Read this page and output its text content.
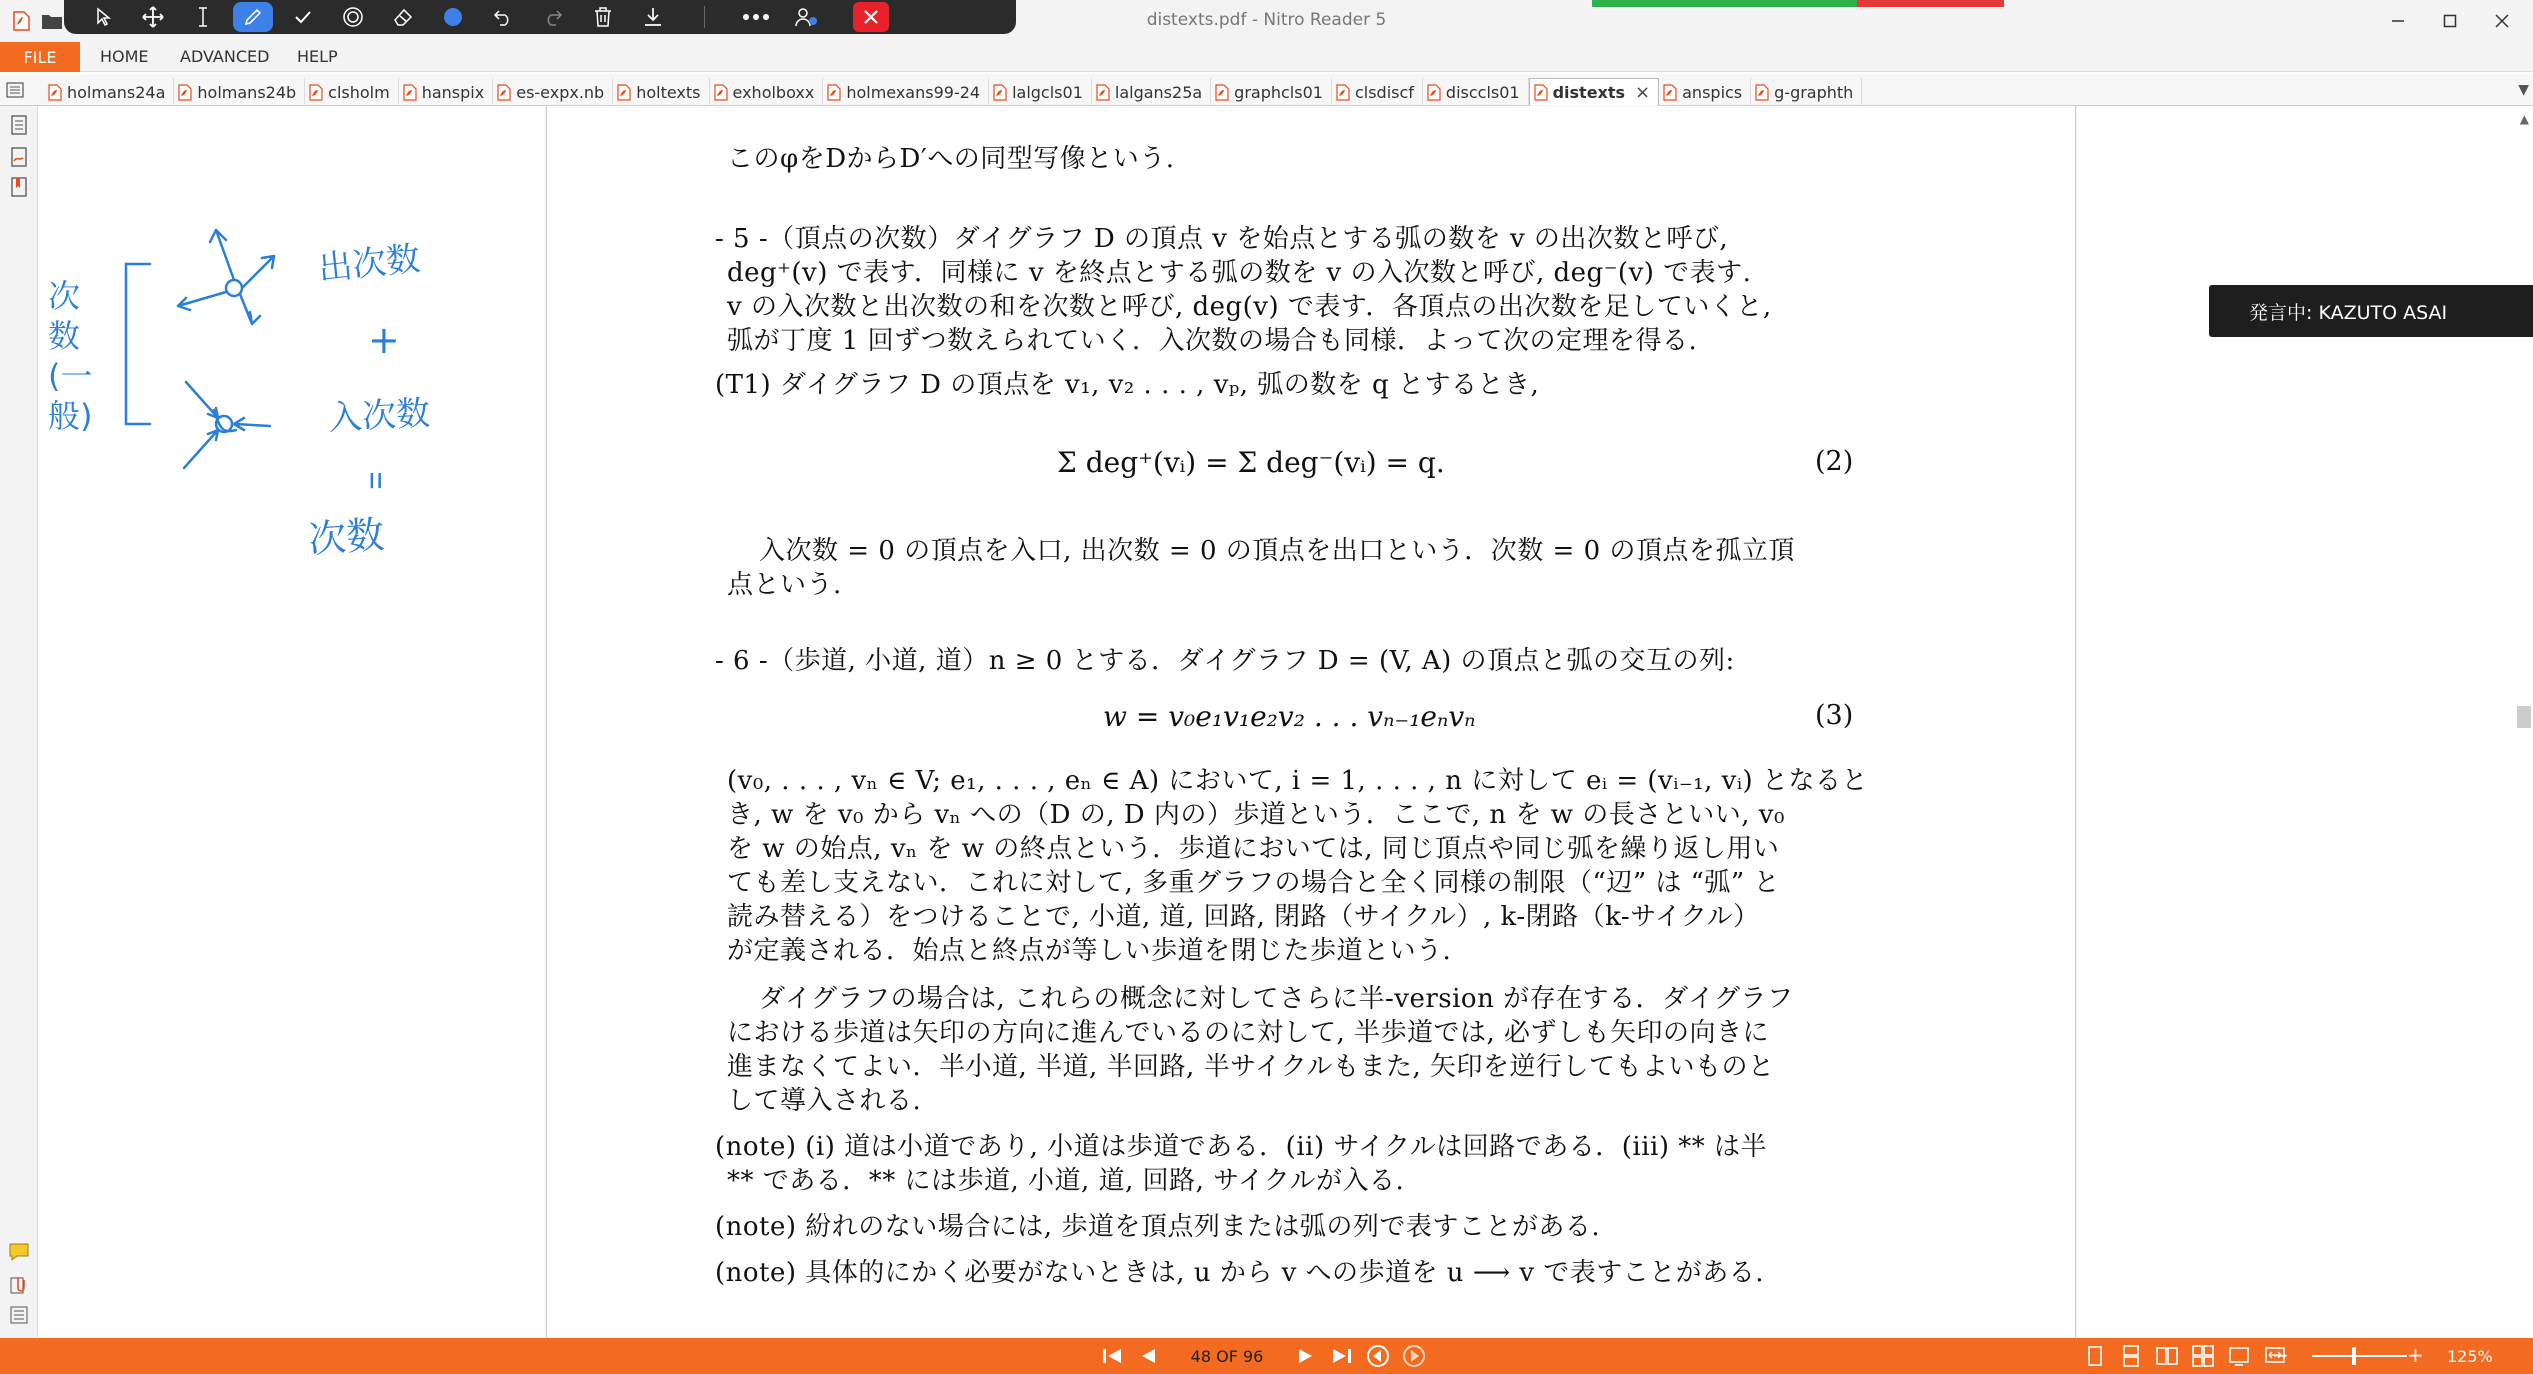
distexts.pdf - Nitro Reader 5
FILE	HOME ADVANCED HELP
holmans24a holmans24b clsholm hanspix es-expx.nb holtexts exholboxx holmexans99-24 lalgcls01 lalgans25a graphcls01 clsdiscf disccls01 distexts × anspics g-graphth	▼
出次数
+
入次数
ıı
次数
次数(一般)
このφをDからD′への同型写像という.
- 5 -（頂点の次数）ダイグラフ D の頂点 v を始点とする弧の数を v の出次数と呼び,
deg⁺(v) で表す．同様に v を終点とする弧の数を v の入次数と呼び, deg⁻(v) で表す.
v の入次数と出次数の和を次数と呼び, deg(v) で表す．各頂点の出次数を足していくと,
弧が丁度 1 回ずつ数えられていく．入次数の場合も同様．よって次の定理を得る.
(T1) ダイグラフ D の頂点を v₁, v₂ . . . , vₚ, 弧の数を q とするとき,
Σ deg⁺(vᵢ) = Σ deg⁻(vᵢ) = q.	(2)
入次数 = 0 の頂点を入口, 出次数 = 0 の頂点を出口という．次数 = 0 の頂点を孤立頂
点という.
- 6 -（歩道, 小道, 道）n ≥ 0 とする．ダイグラフ D = (V, A) の頂点と弧の交互の列:
w = v₀e₁v₁e₂v₂ . . . vₙ₋₁eₙvₙ	(3)
(v₀, . . . , vₙ ∈ V; e₁, . . . , eₙ ∈ A) において, i = 1, . . . , n に対して eᵢ = (vᵢ₋₁, vᵢ) となると
き, w を v₀ から vₙ への（D の, D 内の）歩道という．ここで, n を w の長さといい, v₀
を w の始点, vₙ を w の終点という．歩道においては, 同じ頂点や同じ弧を繰り返し用い
ても差し支えない．これに対して, 多重グラフの場合と全く同様の制限（“辺” は “弧” と
読み替える）をつけることで, 小道, 道, 回路, 閉路（サイクル）, k-閉路（k-サイクル）
が定義される．始点と終点が等しい歩道を閉じた歩道という.
ダイグラフの場合は, これらの概念に対してさらに半-version が存在する．ダイグラフ
における歩道は矢印の方向に進んでいるのに対して, 半歩道では, 必ずしも矢印の向きに
進まなくてよい．半小道, 半道, 半回路, 半サイクルもまた, 矢印を逆行してもよいものと
して導入される.
(note) (i) 道は小道であり, 小道は歩道である．(ii) サイクルは回路である．(iii) ** は半
** である．** には歩道, 小道, 道, 回路, サイクルが入る.
(note) 紛れのない場合には, 歩道を頂点列または弧の列で表すことがある.
(note) 具体的にかく必要がないときは, u から v への歩道を u ⟶ v で表すことがある.
発言中: KAZUTO ASAI
▲
48 OF 96	−	+ 125%
